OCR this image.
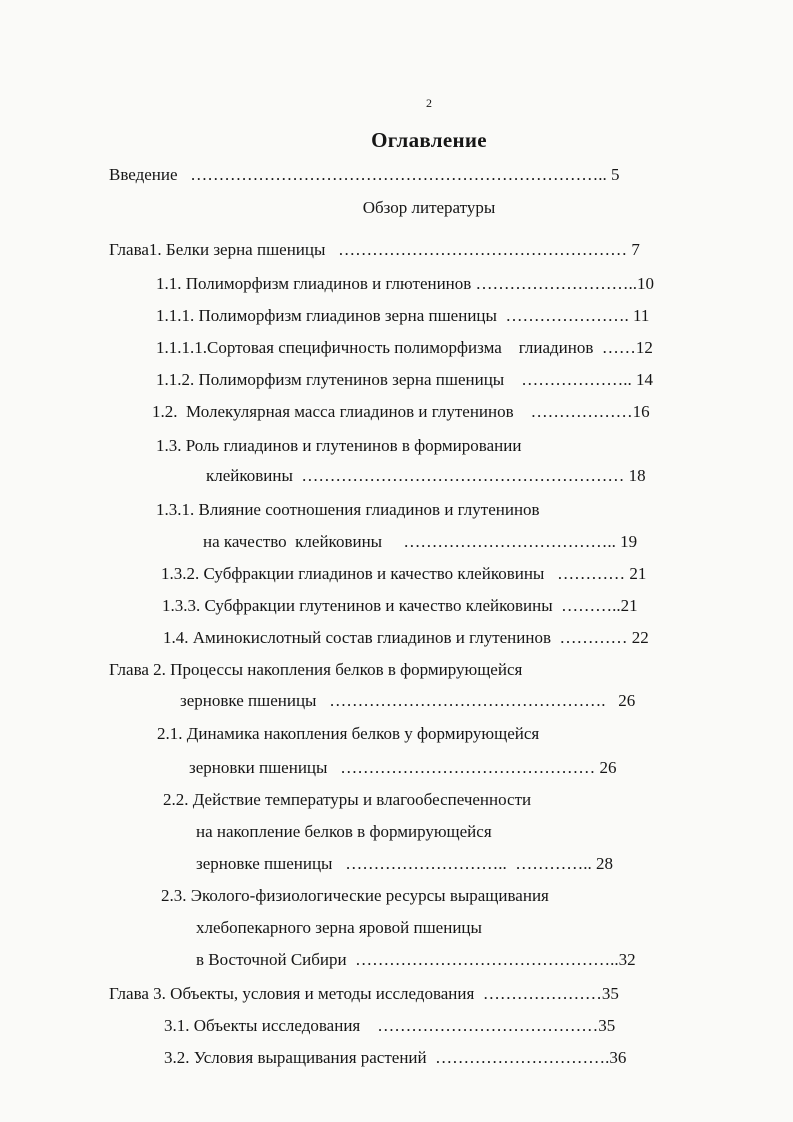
2
Оглавление
Обзор литературы
Введение   ……………………………………………………………….. 5
Глава1. Белки зерна пшеницы   …………………………………………… 7
1.1. Полиморфизм глиадинов и глютенинов ………………………..10
1.1.1. Полиморфизм глиадинов зерна пшеницы  …………………. 11
1.1.1.1.Сортовая специфичность полиморфизма    глиадинов  ……12
1.1.2. Полиморфизм глутенинов зерна пшеницы    ……………….. 14
1.2.  Молекулярная масса глиадинов и глутенинов    ………………16
1.3. Роль глиадинов и глутенинов в формировании
клейковины  ………………………………………………… 18
1.3.1. Влияние соотношения глиадинов и глутенинов
на качество  клейковины     ……………………………….. 19
1.3.2. Субфракции глиадинов и качество клейковины   ………… 21
1.3.3. Субфракции глутенинов и качество клейковины  ………..21
1.4. Аминокислотный состав глиадинов и глутенинов  ………… 22
Глава 2. Процессы накопления белков в формирующейся
зерновке пшеницы   ………………………………………….   26
2.1. Динамика накопления белков у формирующейся
зерновки пшеницы   ……………………………………… 26
2.2. Действие температуры и влагообеспеченности
на накопление белков в формирующейся
зерновке пшеницы   ………………………..  ………….. 28
2.3. Эколого-физиологические ресурсы выращивания
хлебопекарного зерна яровой пшеницы
в Восточной Сибири  ………………………………………..32
Глава 3. Объекты, условия и методы исследования  …………………35
3.1. Объекты исследования    …………………………………35
3.2. Условия выращивания растений  ………………………….36
